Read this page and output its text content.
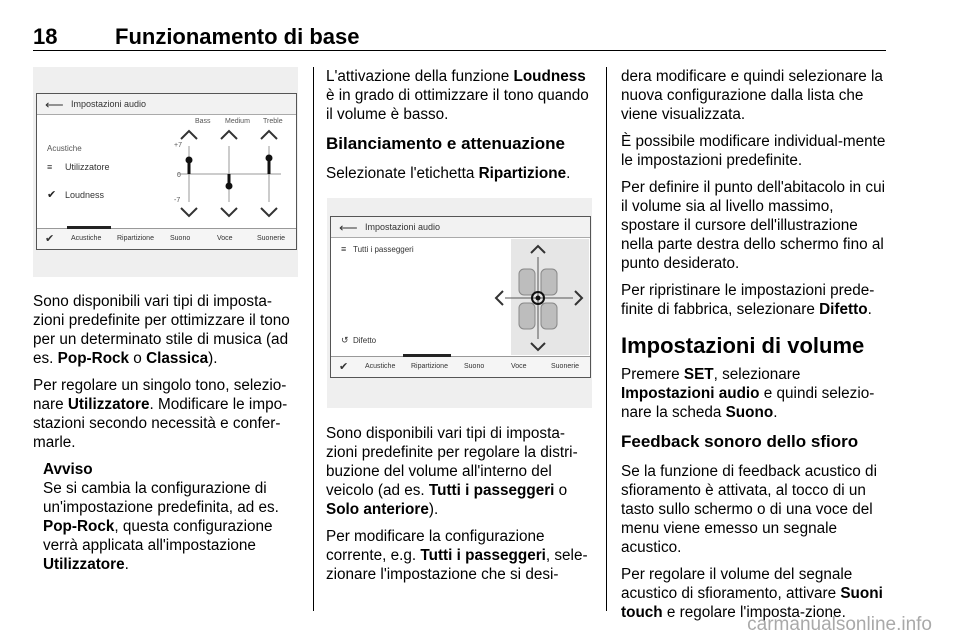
18	Funzionamento di base
⟵ Impostazioni audio
Bass Medium Treble
+7
0
-7
Acustiche
≡ Utilizzatore
✔ Loudness
✔ Acustiche Ripartizione Suono	Voce	Suonerie

Sono disponibili vari tipi di imposta-zioni predefinite per ottimizzare il tono per un determinato stile di musica (ad es. Pop-Rock o Classica).

Per regolare un singolo tono, selezio-nare Utilizzatore. Modificare le impo-stazioni secondo necessità e confer-marle.

Avviso
Se si cambia la configurazione di un'impostazione predefinita, ad es. Pop-Rock, questa configurazione verrà applicata all'impostazione Utilizzatore.

L'attivazione della funzione Loudness è in grado di ottimizzare il tono quando il volume è basso.

Bilanciamento e attenuazione

Selezionate l'etichetta Ripartizione.

⟵ Impostazioni audio
≡ Tutti i passeggeri
↺ Difetto
✔ Acustiche Ripartizione Suono	Voce	Suonerie

Sono disponibili vari tipi di imposta-zioni predefinite per regolare la distri-buzione del volume all'interno del veicolo (ad es. Tutti i passeggeri o Solo anteriore).

Per modificare la configurazione corrente, e.g. Tutti i passeggeri, sele-zionare l'impostazione che si desi-

dera modificare e quindi selezionare la nuova configurazione dalla lista che viene visualizzata.

È possibile modificare individual-mente le impostazioni predefinite.

Per definire il punto dell'abitacolo in cui il volume sia al livello massimo, spostare il cursore dell'illustrazione nella parte destra dello schermo fino al punto desiderato.

Per ripristinare le impostazioni prede-finite di fabbrica, selezionare Difetto.

Impostazioni di volume

Premere SET, selezionare Impostazioni audio e quindi selezio-nare la scheda Suono.

Feedback sonoro dello sfioro

Se la funzione di feedback acustico di sfioramento è attivata, al tocco di un tasto sullo schermo o di una voce del menu viene emesso un segnale acustico.

Per regolare il volume del segnale acustico di sfioramento, attivare Suoni touch e regolare l'imposta-zione.

carmanualsonline.info
